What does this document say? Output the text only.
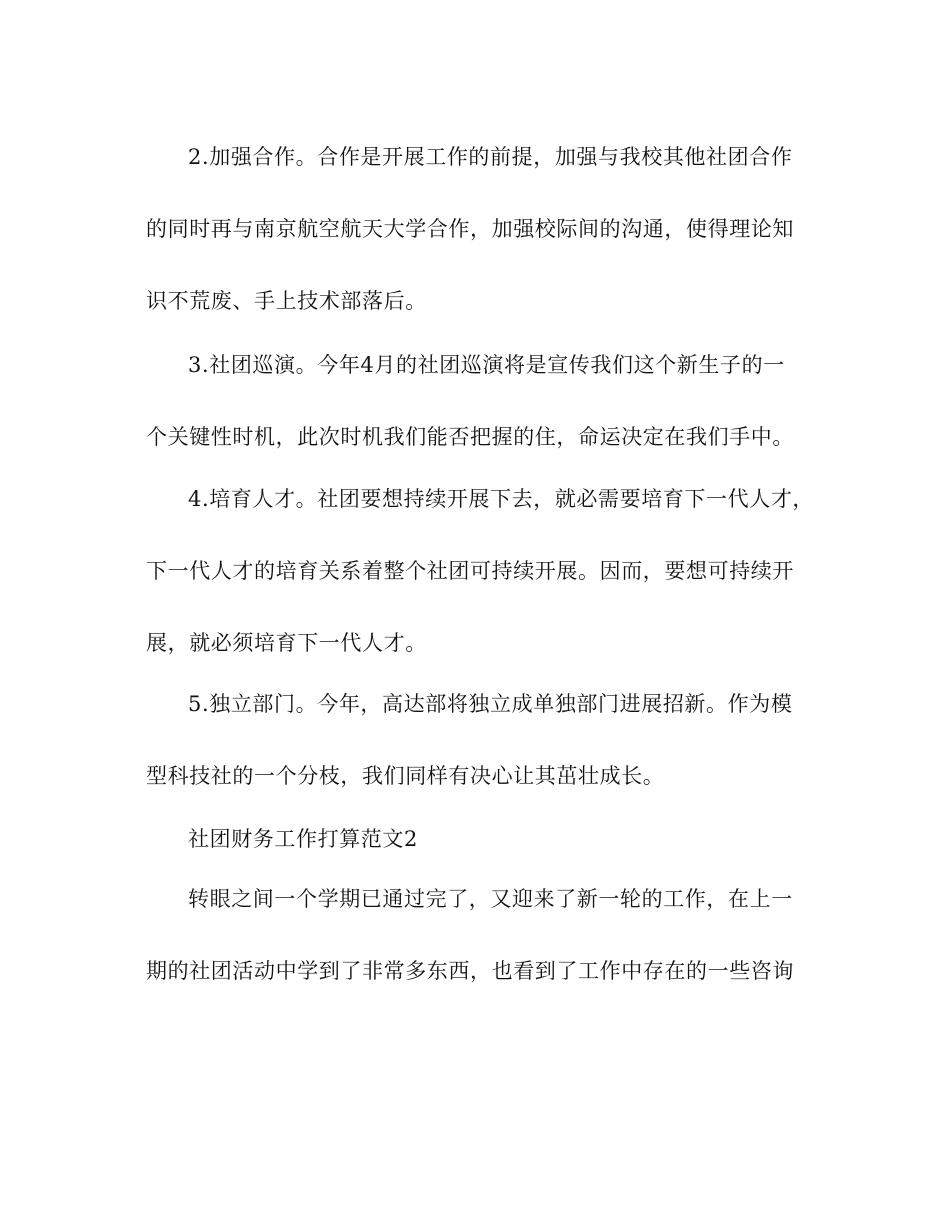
2.加强合作。合作是开展工作的前提，加强与我校其他社团合作
的同时再与南京航空航天大学合作，加强校际间的沟通，使得理论知
识不荒废、手上技术部落后。
3.社团巡演。今年4月的社团巡演将是宣传我们这个新生子的一
个关键性时机，此次时机我们能否把握的住，命运决定在我们手中。
4.培育人才。社团要想持续开展下去，就必需要培育下一代人才，
下一代人才的培育关系着整个社团可持续开展。因而，要想可持续开
展，就必须培育下一代人才。
5.独立部门。今年，高达部将独立成单独部门进展招新。作为模
型科技社的一个分枝，我们同样有决心让其茁壮成长。
社团财务工作打算范文2
转眼之间一个学期已通过完了，又迎来了新一轮的工作，在上一
期的社团活动中学到了非常多东西，也看到了工作中存在的一些咨询
